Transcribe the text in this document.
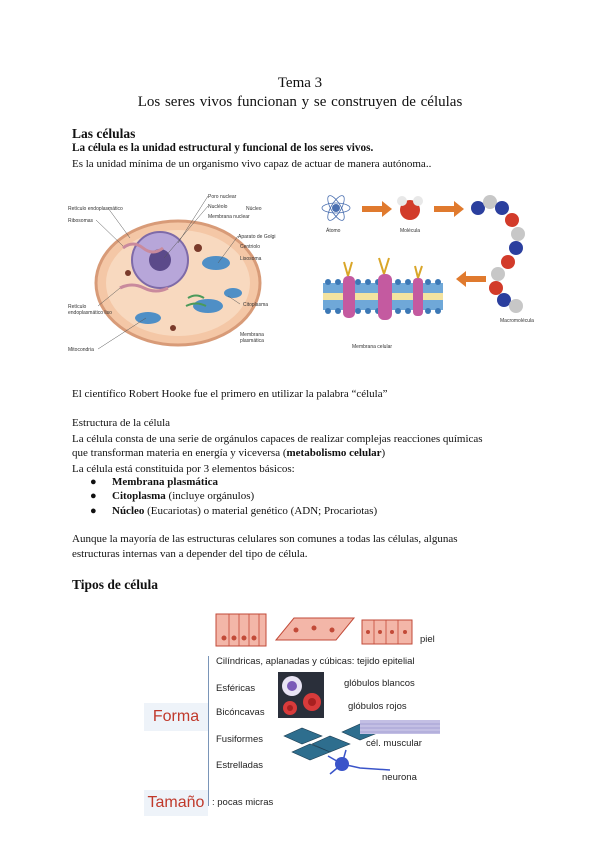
Tema 3
Los seres vivos funcionan y se construyen de células
Las células
La célula es la unidad estructural y funcional de los seres vivos.
Es la unidad mínima de un organismo vivo capaz de actuar de manera autónoma..
Retículo endoplasmático
Ribosomas
Retículo
endoplasmático liso
Mitocondria
Poro nuclear
Nucléolo
Membrana nuclear
Núcleo
Aparato de Golgi
Centriolo
Lisosoma
Citoplasma
Membrana
plasmática
Átomo	Molécula
Macromolécula
Membrana celular
El científico Robert Hooke fue el primero en utilizar la palabra “célula”
Estructura de la célula
La célula consta de una serie de orgánulos capaces de realizar complejas reacciones químicas
que transforman materia en energía y viceversa (metabolismo celular)
La célula está constituida por 3 elementos básicos:
● Membrana plasmática
● Citoplasma (incluye orgánulos)
● Núcleo (Eucariotas) o material genético (ADN; Procariotas)
Aunque la mayoría de las estructuras celulares son comunes a todas las células, algunas
estructuras internas van a depender del tipo de célula.
Tipos de célula
piel
Cilíndricas, aplanadas y cúbicas: tejido epitelial
Esféricas	glóbulos blancos
Bicóncavas
glóbulos rojos
Forma
Fusiformes	cél. muscular
Estrelladas
neurona
Tamaño : pocas micras
